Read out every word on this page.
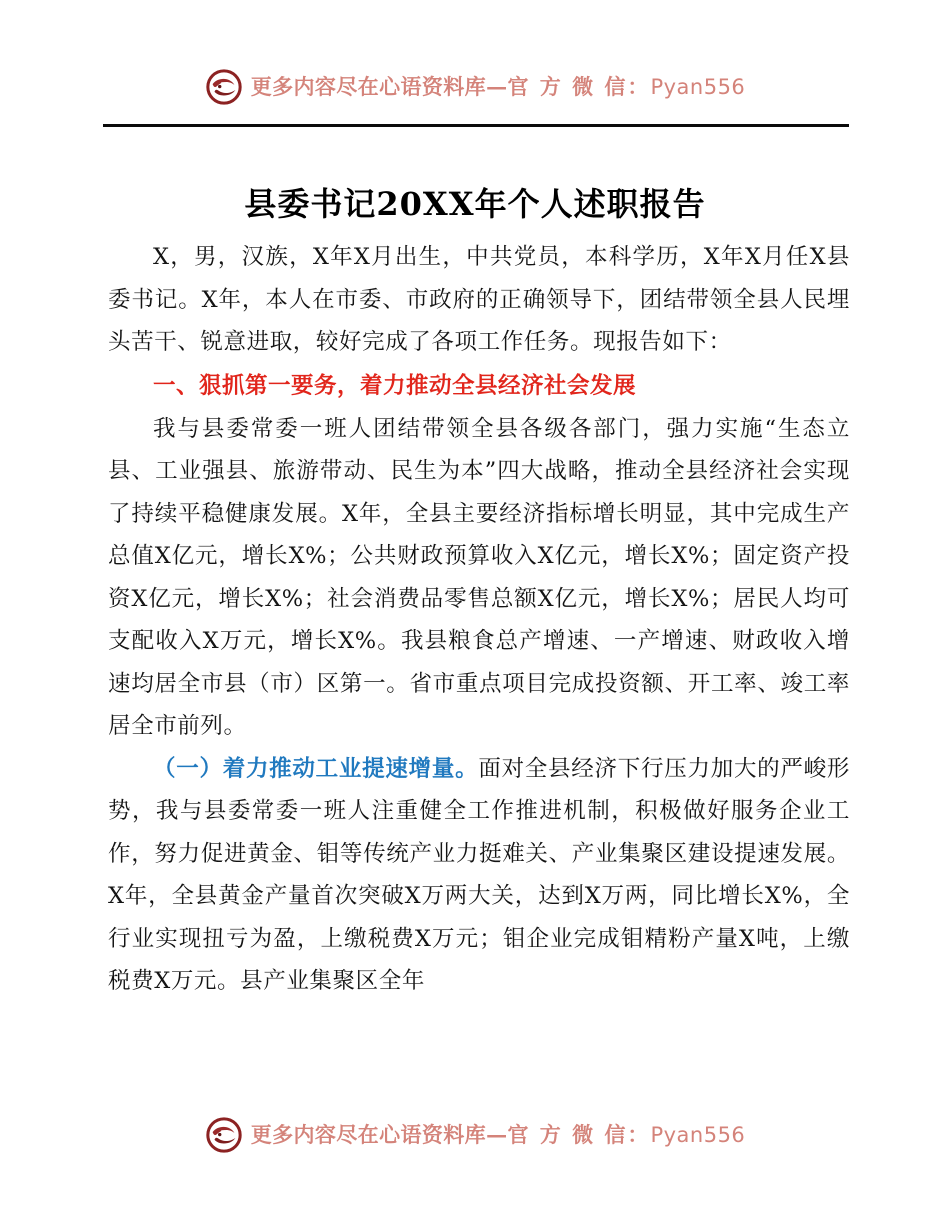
更多内容尽在心语资料库—官 方 微 信：Pyan556
县委书记20XX年个人述职报告

X，男，汉族，X年X月出生，中共党员，本科学历，X年X月任X县委书记。X年，本人在市委、市政府的正确领导下，团结带领全县人民埋头苦干、锐意进取，较好完成了各项工作任务。现报告如下：

一、狠抓第一要务，着力推动全县经济社会发展

我与县委常委一班人团结带领全县各级各部门，强力实施“生态立县、工业强县、旅游带动、民生为本”四大战略，推动全县经济社会实现了持续平稳健康发展。X年，全县主要经济指标增长明显，其中完成生产总值X亿元，增长X%；公共财政预算收入X亿元，增长X%；固定资产投资X亿元，增长X%；社会消费品零售总额X亿元，增长X%；居民人均可支配收入X万元，增长X%。我县粮食总产增速、一产增速、财政收入增速均居全市县（市）区第一。省市重点项目完成投资额、开工率、竣工率居全市前列。

（一）着力推动工业提速增量。面对全县经济下行压力加大的严峻形势，我与县委常委一班人注重健全工作推进机制，积极做好服务企业工作，努力促进黄金、钼等传统产业力挺难关、产业集聚区建设提速发展。X年，全县黄金产量首次突破X万两大关，达到X万两，同比增长X%，全行业实现扭亏为盈，上缴税费X万元；钼企业完成钼精粉产量X吨，上缴税费X万元。县产业集聚区全年

更多内容尽在心语资料库—官 方 微 信：Pyan556
